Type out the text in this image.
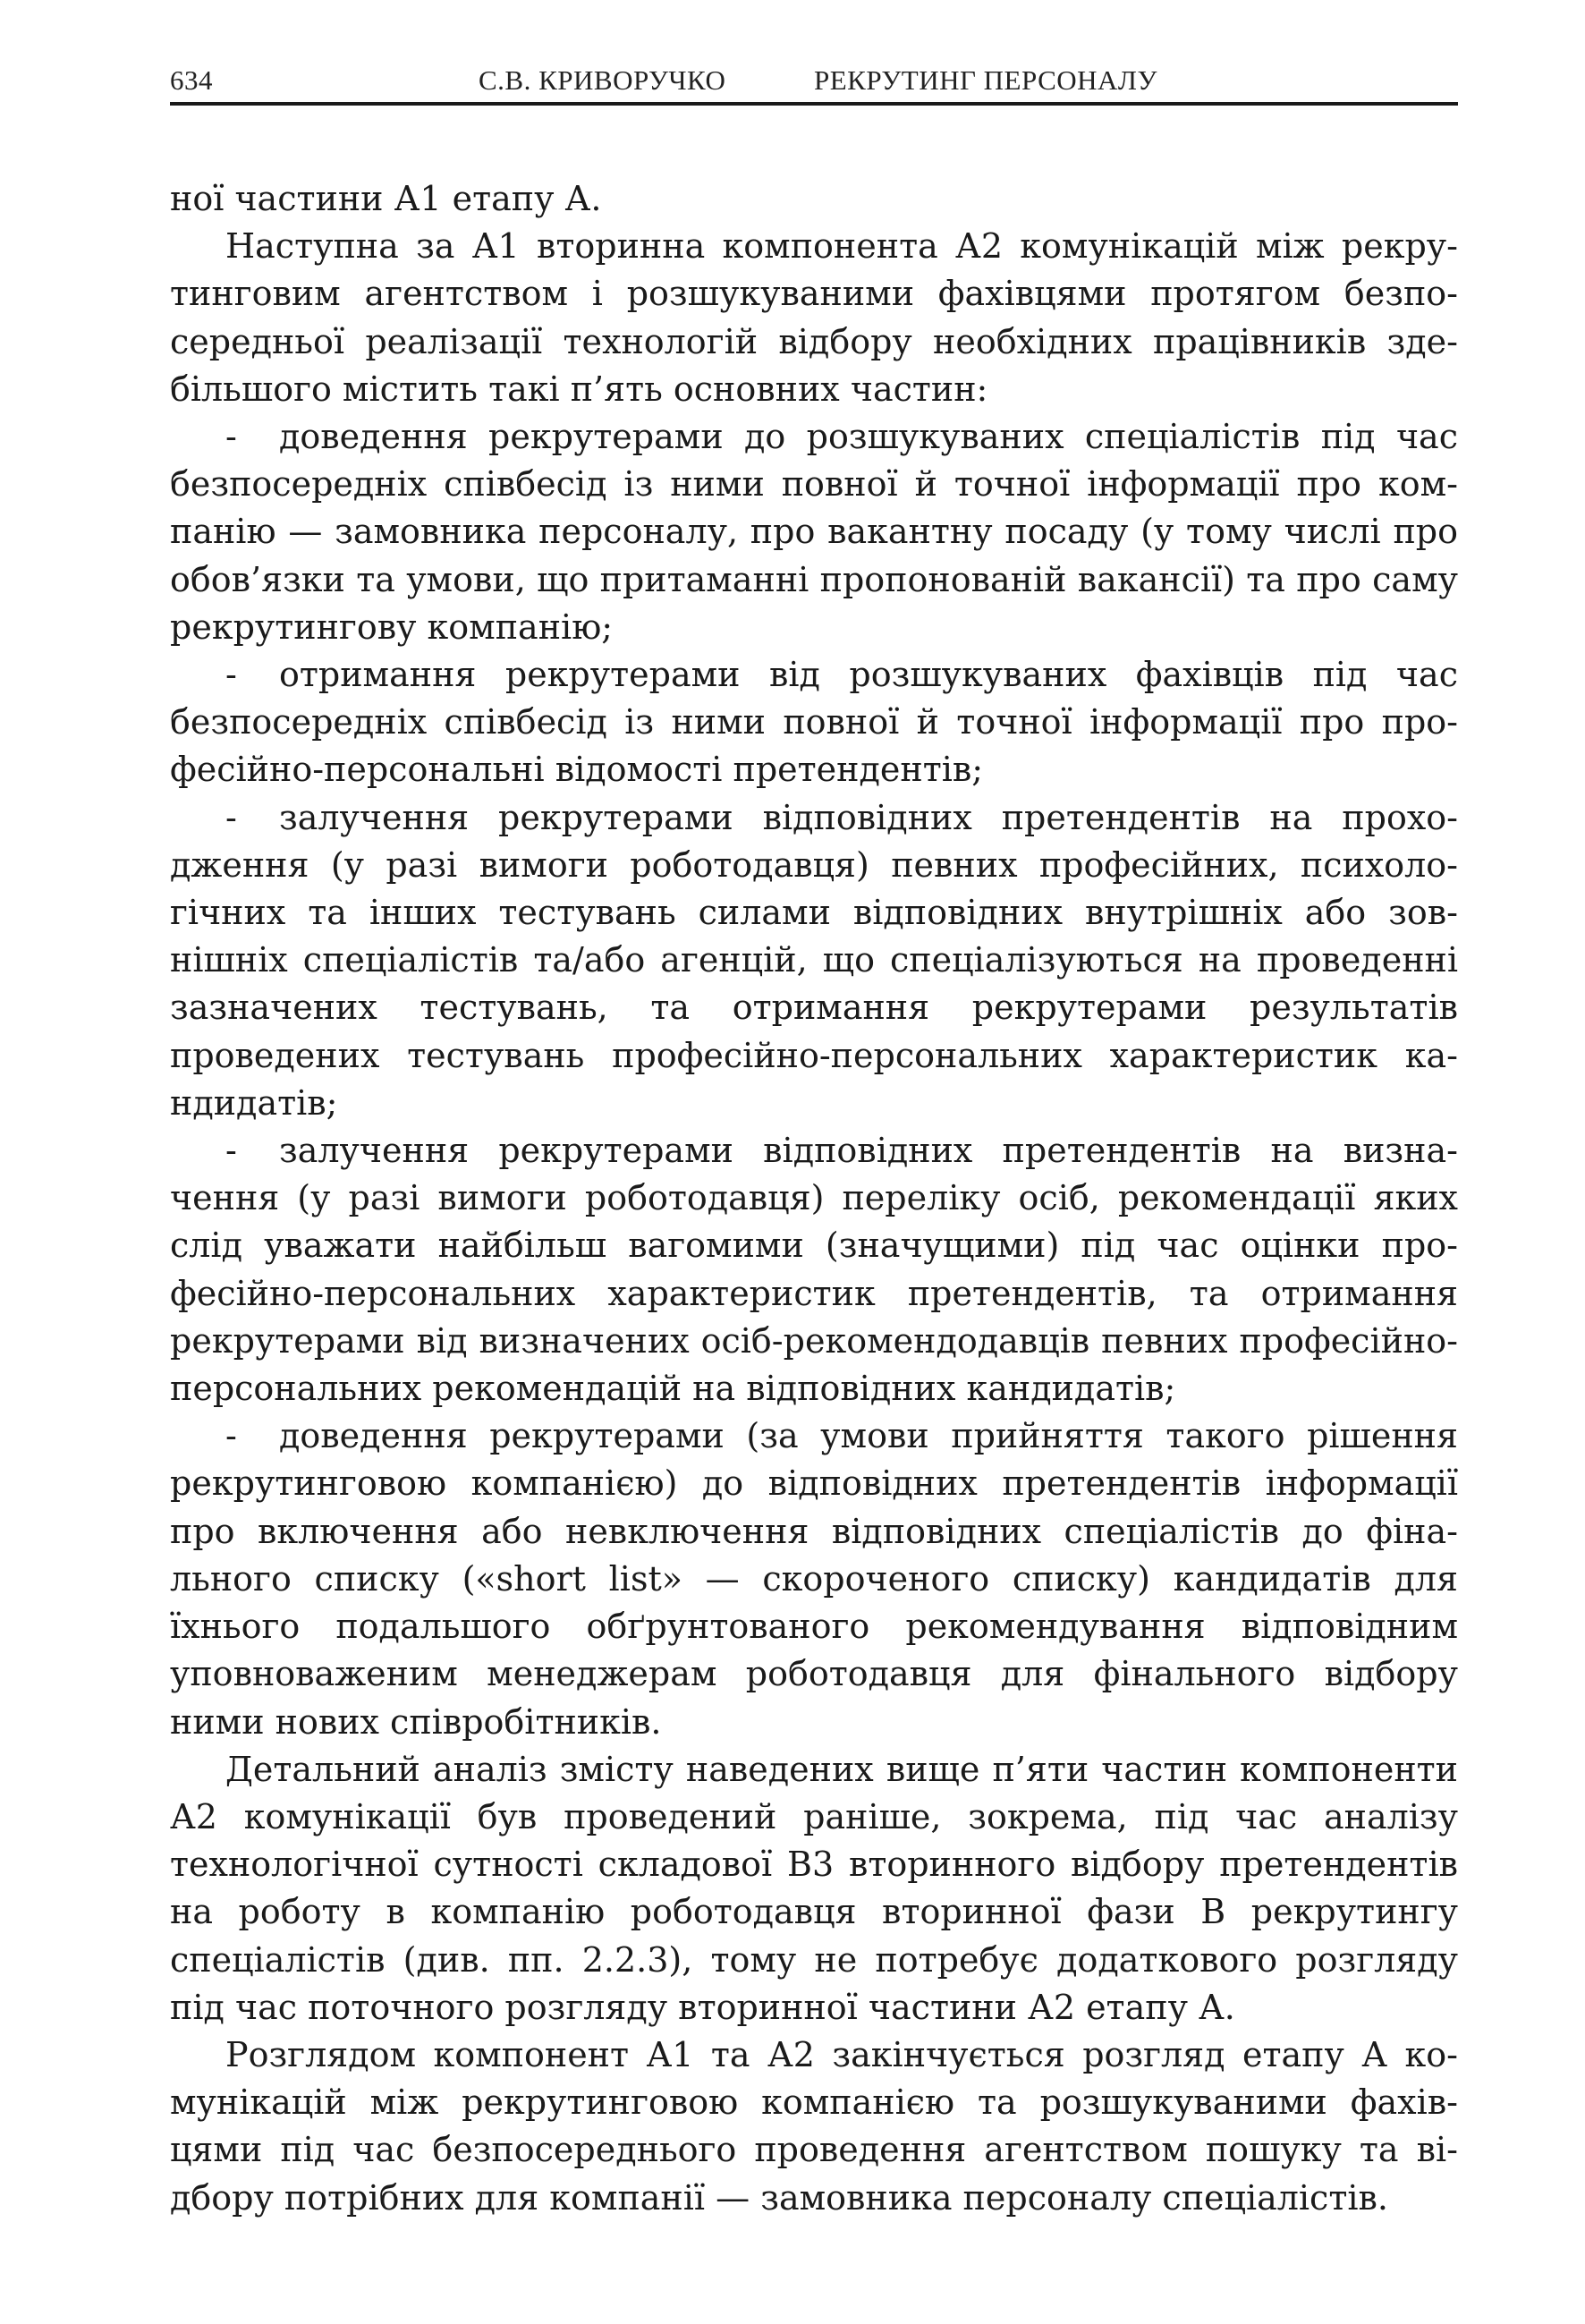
634	С.В. КРИВОРУЧКО	РЕКРУТИНГ ПЕРСОНАЛУ

ної частини А1 етапу А.

Наступна за А1 вторинна компонента А2 комунікацій між рекрутинговим агентством і розшукуваними фахівцями протягом безпосередньої реалізації технологій відбору необхідних працівників здебільшого містить такі п’ять основних частин:

- доведення рекрутерами до розшукуваних спеціалістів під час безпосередніх співбесід із ними повної й точної інформації про компанію — замовника персоналу, про вакантну посаду (у тому числі про обов’язки та умови, що притаманні пропонованій вакансії) та про саму рекрутингову компанію;

- отримання рекрутерами від розшукуваних фахівців під час безпосередніх співбесід із ними повної й точної інформації про професійно-персональні відомості претендентів;

- залучення рекрутерами відповідних претендентів на проходження (у разі вимоги роботодавця) певних професійних, психологічних та інших тестувань силами відповідних внутрішніх або зовнішніх спеціалістів та/або агенцій, що спеціалізуються на проведенні зазначених тестувань, та отримання рекрутерами результатів проведених тестувань професійно-персональних характеристик кандидатів;

- залучення рекрутерами відповідних претендентів на визначення (у разі вимоги роботодавця) переліку осіб, рекомендації яких слід уважати найбільш вагомими (значущими) під час оцінки професійно-персональних характеристик претендентів, та отримання рекрутерами від визначених осіб-рекомендодавців певних професійно-персональних рекомендацій на відповідних кандидатів;

- доведення рекрутерами (за умови прийняття такого рішення рекрутинговою компанією) до відповідних претендентів інформації про включення або невключення відповідних спеціалістів до фінального списку («short list» — скороченого списку) кандидатів для їхнього подальшого обґрунтованого рекомендування відповідним уповноваженим менеджерам роботодавця для фінального відбору ними нових співробітників.

Детальний аналіз змісту наведених вище п’яти частин компоненти А2 комунікації був проведений раніше, зокрема, під час аналізу технологічної сутності складової В3 вторинного відбору претендентів на роботу в компанію роботодавця вторинної фази В рекрутингу спеціалістів (див. пп. 2.2.3), тому не потребує додаткового розгляду під час поточного розгляду вторинної частини А2 етапу А.

Розглядом компонент А1 та А2 закінчується розгляд етапу А комунікацій між рекрутинговою компанією та розшукуваними фахівцями під час безпосереднього проведення агентством пошуку та відбору потрібних для компанії — замовника персоналу спеціалістів.
